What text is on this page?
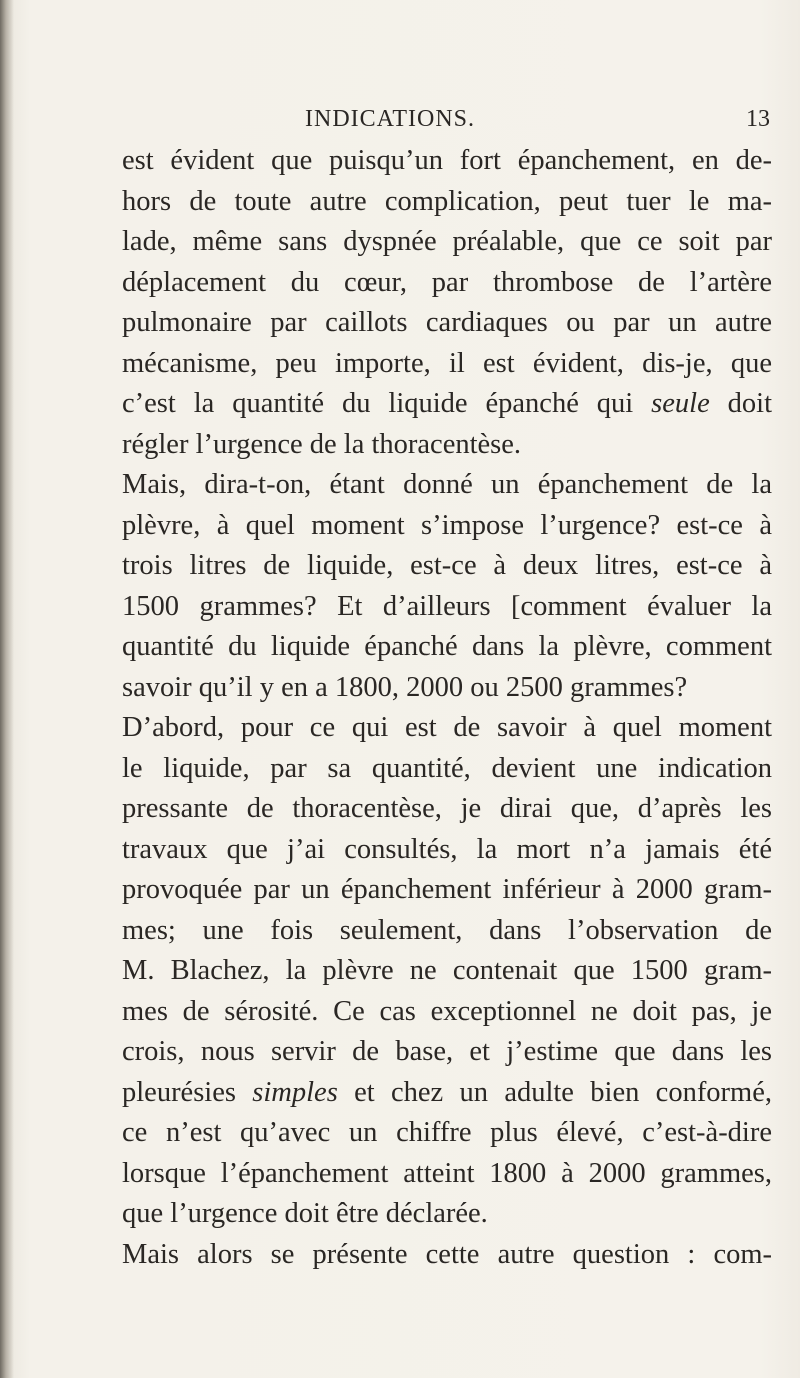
INDICATIONS.	13
est évident que puisqu’un fort épanchement, en de-
hors de toute autre complication, peut tuer le ma-
lade, même sans dyspnée préalable, que ce soit par
déplacement du cœur, par thrombose de l’artère
pulmonaire par caillots cardiaques ou par un autre
mécanisme, peu importe, il est évident, dis-je, que
c’est la quantité du liquide épanché qui seule doit
régler l’urgence de la thoracentèse.
Mais, dira-t-on, étant donné un épanchement de la
plèvre, à quel moment s’impose l’urgence? est-ce à
trois litres de liquide, est-ce à deux litres, est-ce à
1500 grammes? Et d’ailleurs [comment évaluer la
quantité du liquide épanché dans la plèvre, comment
savoir qu’il y en a 1800, 2000 ou 2500 grammes?
D’abord, pour ce qui est de savoir à quel moment
le liquide, par sa quantité, devient une indication
pressante de thoracentèse, je dirai que, d’après les
travaux que j’ai consultés, la mort n’a jamais été
provoquée par un épanchement inférieur à 2000 gram-
mes; une fois seulement, dans l’observation de
M. Blachez, la plèvre ne contenait que 1500 gram-
mes de sérosité. Ce cas exceptionnel ne doit pas, je
crois, nous servir de base, et j’estime que dans les
pleurésies simples et chez un adulte bien conformé,
ce n’est qu’avec un chiffre plus élevé, c’est-à-dire
lorsque l’épanchement atteint 1800 à 2000 grammes,
que l’urgence doit être déclarée.
Mais alors se présente cette autre question : com-
